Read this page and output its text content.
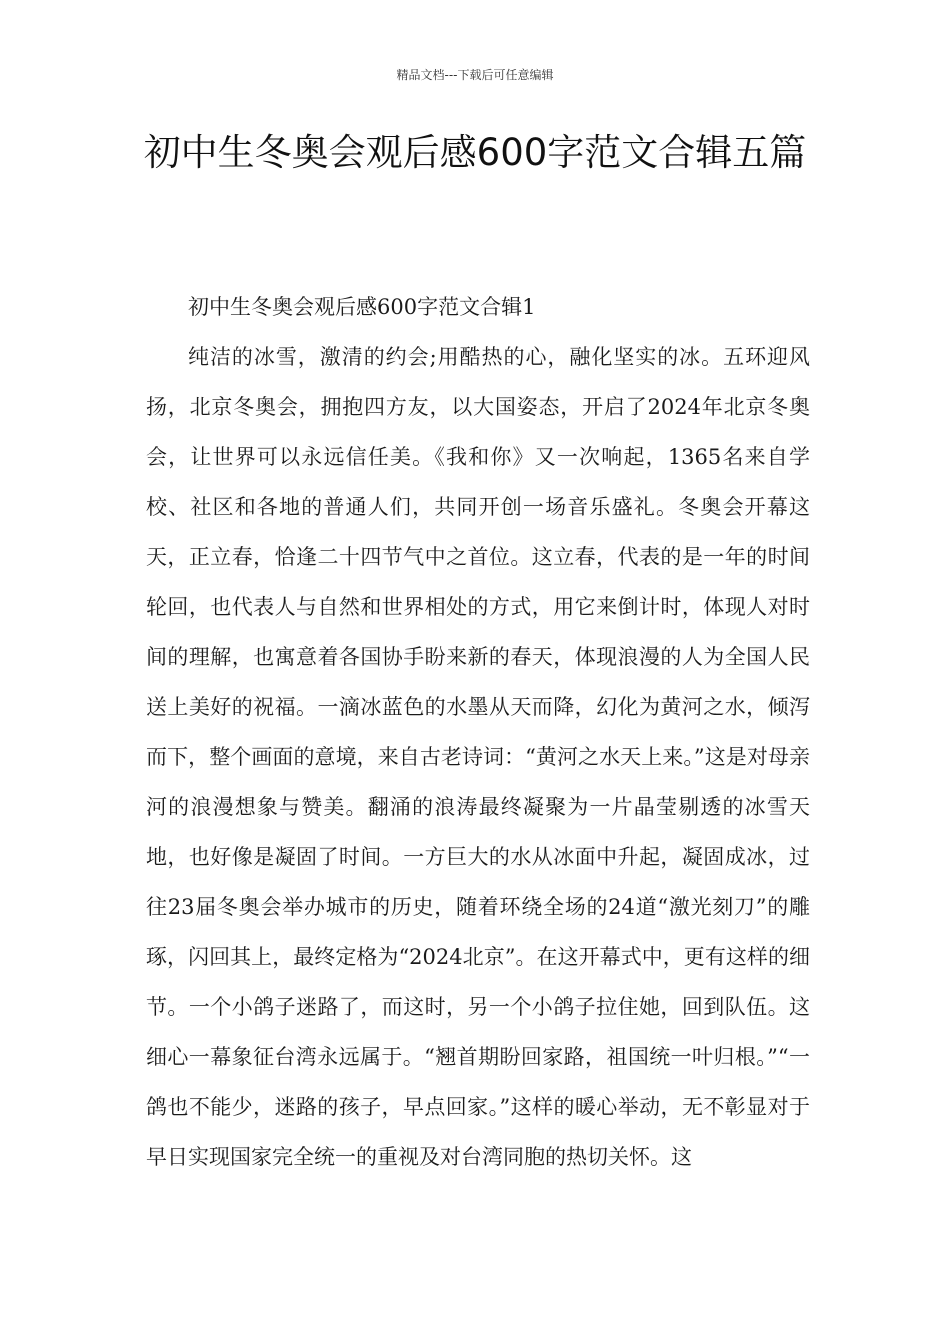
精品文档---下载后可任意编辑
初中生冬奥会观后感600字范文合辑五篇

初中生冬奥会观后感600字范文合辑1

纯洁的冰雪，激清的约会;用酷热的心，融化坚实的冰。五环迎风扬，北京冬奥会，拥抱四方友，以大国姿态，开启了2024年北京冬奥会，让世界可以永远信任美。《我和你》又一次响起，1365名来自学校、社区和各地的普通人们，共同开创一场音乐盛礼。冬奥会开幕这天，正立春，恰逢二十四节气中之首位。这立春，代表的是一年的时间轮回，也代表人与自然和世界相处的方式，用它来倒计时，体现人对时间的理解，也寓意着各国协手盼来新的春天，体现浪漫的人为全国人民送上美好的祝福。一滴冰蓝色的水墨从天而降，幻化为黄河之水，倾泻而下，整个画面的意境，来自古老诗词：“黄河之水天上来。”这是对母亲河的浪漫想象与赞美。翻涌的浪涛最终凝聚为一片晶莹剔透的冰雪天地，也好像是凝固了时间。一方巨大的水从冰面中升起，凝固成冰，过往23届冬奥会举办城市的历史，随着环绕全场的24道“激光刻刀”的雕琢，闪回其上，最终定格为“2024北京”。在这开幕式中，更有这样的细节。一个小鸽子迷路了，而这时，另一个小鸽子拉住她，回到队伍。这细心一幕象征台湾永远属于。“翘首期盼回家路，祖国统一叶归根。”“一鸽也不能少，迷路的孩子，早点回家。”这样的暖心举动，无不彰显对于早日实现国家完全统一的重视及对台湾同胞的热切关怀。这
